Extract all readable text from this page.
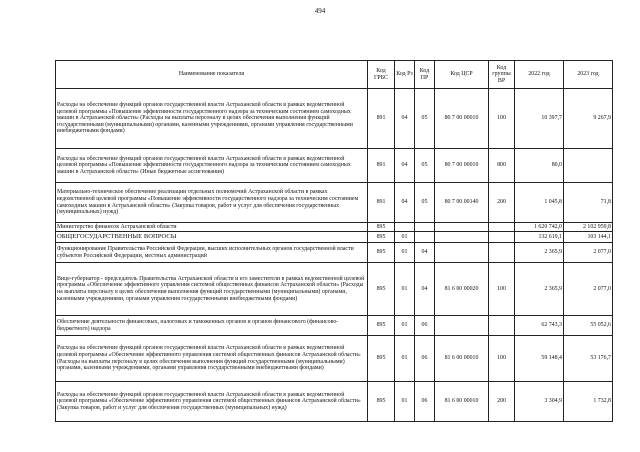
494
Наименование показателя	Код ГРБС	Код Рз	Код ПР	Код ЦСР	Код группы ВР	2022 год	2023 год
Расходы на обеспечение функций органов государственной власти Астраханской области в рамках ведомственной целевой программы «Повышение эффективности государственного надзора за техническим состоянием самоходных машин в Астраханской области» (Расходы на выплаты персоналу в целях обеспечения выполнения функций государственными (муниципальными) органами, казенными учреждениями, органами управления государственными внебюджетными фондами)	891	04	05	80 7 00 00010	100	10 397,7	9 267,9
Расходы на обеспечение функций органов государственной власти Астраханской области в рамках ведомственной целевой программы «Повышение эффективности государственного надзора за техническим состоянием самоходных машин в Астраханской области» (Иные бюджетные ассигнования)	891	04	05	80 7 00 00010	800	80,0	
Материально-техническое обеспечение реализации отдельных полномочий Астраханской области в рамках ведомственной целевой программы «Повышение эффективности государственного надзора за техническим состоянием самоходных машин в Астраханской области» (Закупка товаров, работ и услуг для обеспечения государственных (муниципальных) нужд)	891	04	05	80 7 00 00140	200	1 045,8	71,8
Министерство финансов Астраханской области	895					1 620 742,0	2 102 959,8
ОБЩЕГОСУДАРСТВЕННЫЕ ВОПРОСЫ	895	01				132 619,1	103 144,1
Функционирование Правительства Российской Федерации, высших исполнительных органов государственной власти субъектов Российской Федерации, местных администраций	895	01	04			2 365,9	2 077,0
Вице-губернатор - председатель Правительства Астраханской области и его заместители в рамках ведомственной целевой программы «Обеспечение эффективного управления системой общественных финансов Астраханской области» (Расходы на выплаты персоналу в целях обеспечения выполнения функций государственными (муниципальными) органами, казенными учреждениями, органами управления государственными внебюджетными фондами)	895	01	04	81 6 00 00020	100	2 365,9	2 077,0
Обеспечение деятельности финансовых, налоговых и таможенных органов и органов финансового (финансово-бюджетного) надзора	895	01	06			62 743,3	55 052,6
Расходы на обеспечение функций органов государственной власти Астраханской области в рамках ведомственной целевой программы «Обеспечение эффективного управления системой общественных финансов Астраханской области» (Расходы на выплаты персоналу в целях обеспечения выполнения функций государственными (муниципальными) органами, казенными учреждениями, органами управления государственными внебюджетными фондами)	895	01	06	81 6 00 00010	100	59 148,4	53 176,7
Расходы на обеспечение функций органов государственной власти Астраханской области в рамках ведомственной целевой программы «Обеспечение эффективного управления системой общественных финансов Астраханской области» (Закупка товаров, работ и услуг для обеспечения государственных (муниципальных) нужд)	895	01	06	81 6 00 00010	200	3 304,9	1 732,8
